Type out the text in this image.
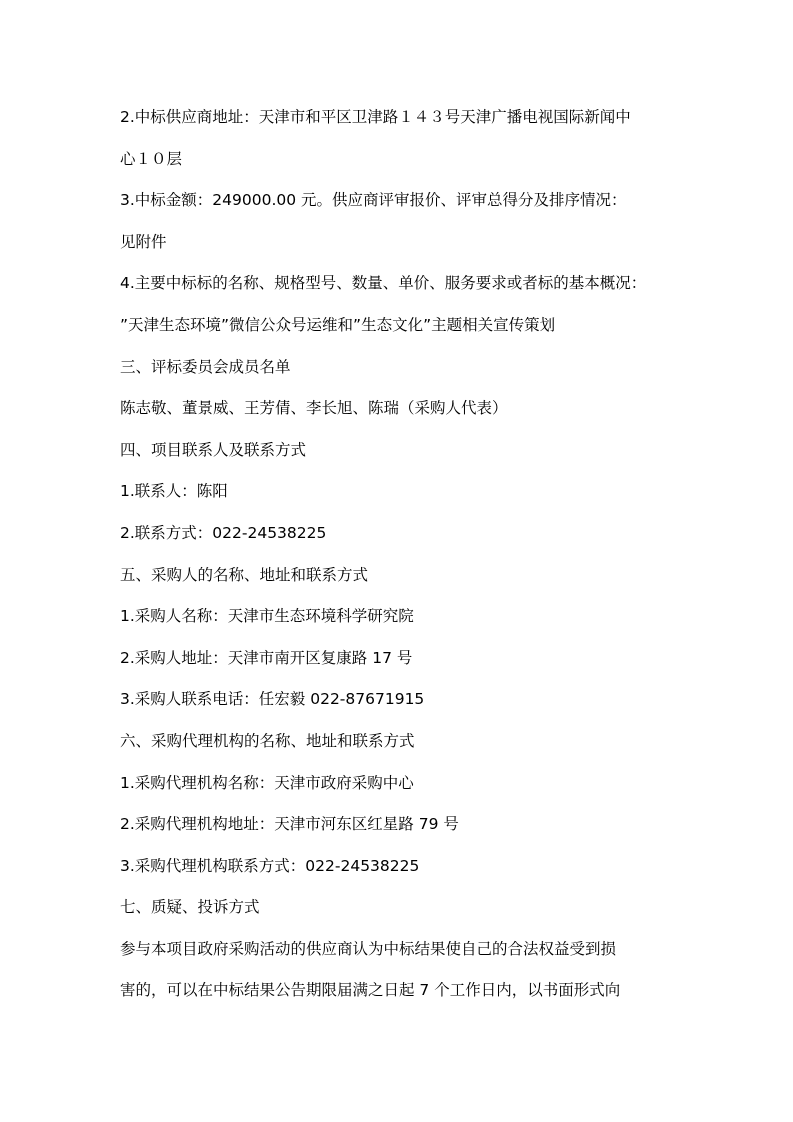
2.中标供应商地址：天津市和平区卫津路１４３号天津广播电视国际新闻中
心１０层
3.中标金额：249000.00 元。供应商评审报价、评审总得分及排序情况：
见附件
4.主要中标标的名称、规格型号、数量、单价、服务要求或者标的基本概况：
”天津生态环境”微信公众号运维和”生态文化”主题相关宣传策划
三、评标委员会成员名单
陈志敬、董景威、王芳倩、李长旭、陈瑞（采购人代表）
四、项目联系人及联系方式
1.联系人：陈阳
2.联系方式：022-24538225
五、采购人的名称、地址和联系方式
1.采购人名称：天津市生态环境科学研究院
2.采购人地址：天津市南开区复康路 17 号
3.采购人联系电话：任宏毅 022-87671915
六、采购代理机构的名称、地址和联系方式
1.采购代理机构名称：天津市政府采购中心
2.采购代理机构地址：天津市河东区红星路 79 号
3.采购代理机构联系方式：022-24538225
七、质疑、投诉方式
参与本项目政府采购活动的供应商认为中标结果使自己的合法权益受到损
害的，可以在中标结果公告期限届满之日起 7 个工作日内，以书面形式向
